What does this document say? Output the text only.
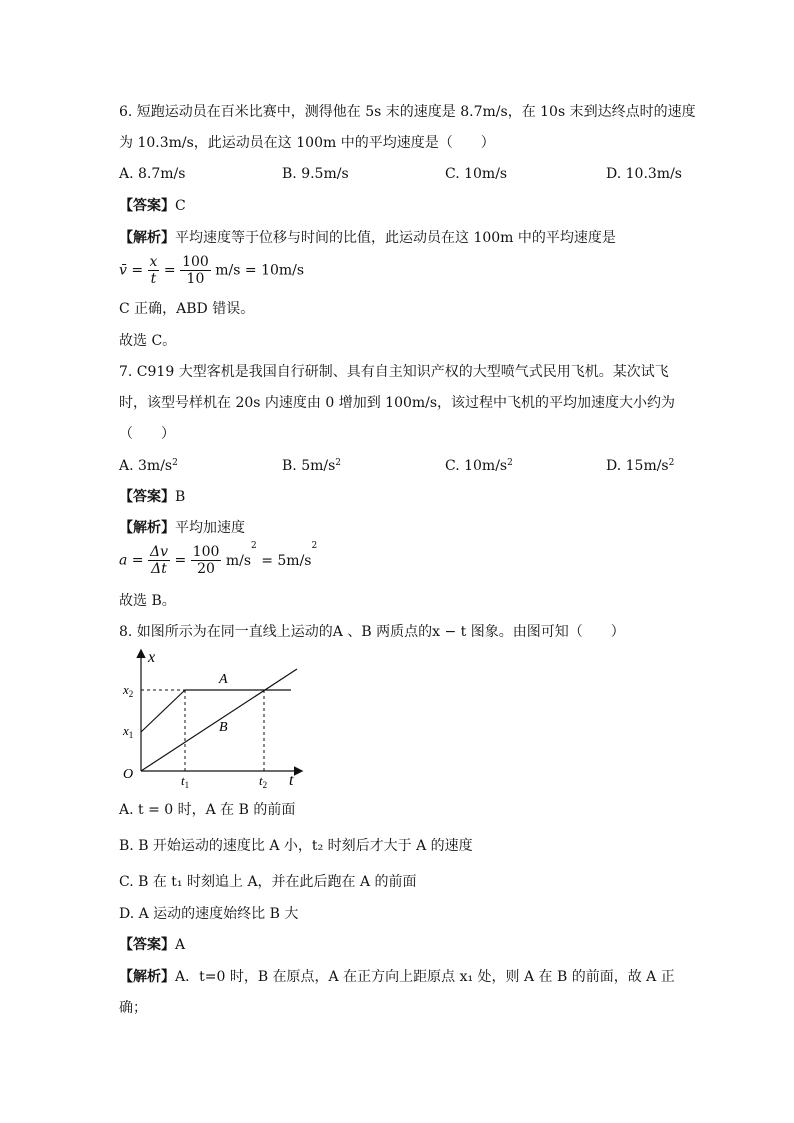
6. 短跑运动员在百米比赛中，测得他在 5s 末的速度是 8.7m/s，在 10s 末到达终点时的速度
为 10.3m/s，此运动员在这 100m 中的平均速度是（　　）
A. 8.7m/s	B. 9.5m/s	C. 10m/s	D. 10.3m/s
【答案】C
【解析】平均速度等于位移与时间的比值，此运动员在这 100m 中的平均速度是
v̄ = $\frac{x}{t} = \frac{100}{10} m/s = 10m/s$
C 正确，ABD 错误。
故选 C。
7. C919 大型客机是我国自行研制、具有自主知识产权的大型喷气式民用飞机。某次试飞
时，该型号样机在 20s 内速度由 0 增加到 100m/s，该过程中飞机的平均加速度大小约为
（　　）
A. $3m/s^2$	B. $5m/s^2$	C. $10m/s^2$	D. $15m/s^2$
【答案】B
【解析】平均加速度
$a = \frac{\Delta v}{\Delta t} = \frac{100}{20} m/s^2 = 5m/s^2$
故选 B。
8. 如图所示为在同一直线上运动的A 、B 两质点的x − t 图象。由图可知（　　）
x
t
O
$x_2$
$x_1$
$t_1$	$t_2$
A
B
A. t = 0 时，A 在 B 的前面
B. B 开始运动的速度比 A 小，t₂ 时刻后才大于 A 的速度
C. B 在 t₁ 时刻追上 A，并在此后跑在 A 的前面
D. A 运动的速度始终比 B 大
【答案】A
【解析】A．t=0 时，B 在原点，A 在正方向上距原点 x₁ 处，则 A 在 B 的前面，故 A 正
确；
